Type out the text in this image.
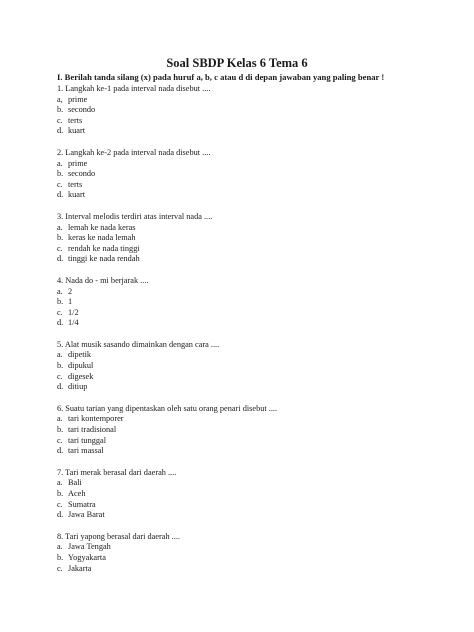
Soal SBDP Kelas 6 Tema 6
I. Berilah tanda silang (x) pada huruf a, b, c atau d di depan jawaban yang paling benar !
1. Langkah ke-1 pada interval nada disebut ....
a, prime
b. secondo
c. terts
d. kuart
2. Langkah ke-2 pada interval nada disebut ....
a. prime
b. secondo
c. terts
d. kuart
3. Interval melodis terdiri atas interval nada ....
a. lemah ke nada keras
b. keras ke nada lemah
c. rendah ke nada tinggi
d. tinggi ke nada rendah
4. Nada do - mi berjarak ....
a. 2
b. 1
c. 1/2
d. 1/4
5. Alat musik sasando dimainkan dengan cara ....
a. dipetik
b. dipukul
c. digesek
d. ditiup
6. Suatu tarian yang dipentaskan oleh satu orang penari disebut ....
a. tari kontemporer
b. tari tradisional
c. tari tunggal
d. tari massal
7. Tari merak berasal dari daerah ....
a. Bali
b. Aceh
c. Sumatra
d. Jawa Barat
8. Tari yapong berasal dari daerah ....
a. Jawa Tengah
b. Yogyakarta
c. Jakarta
